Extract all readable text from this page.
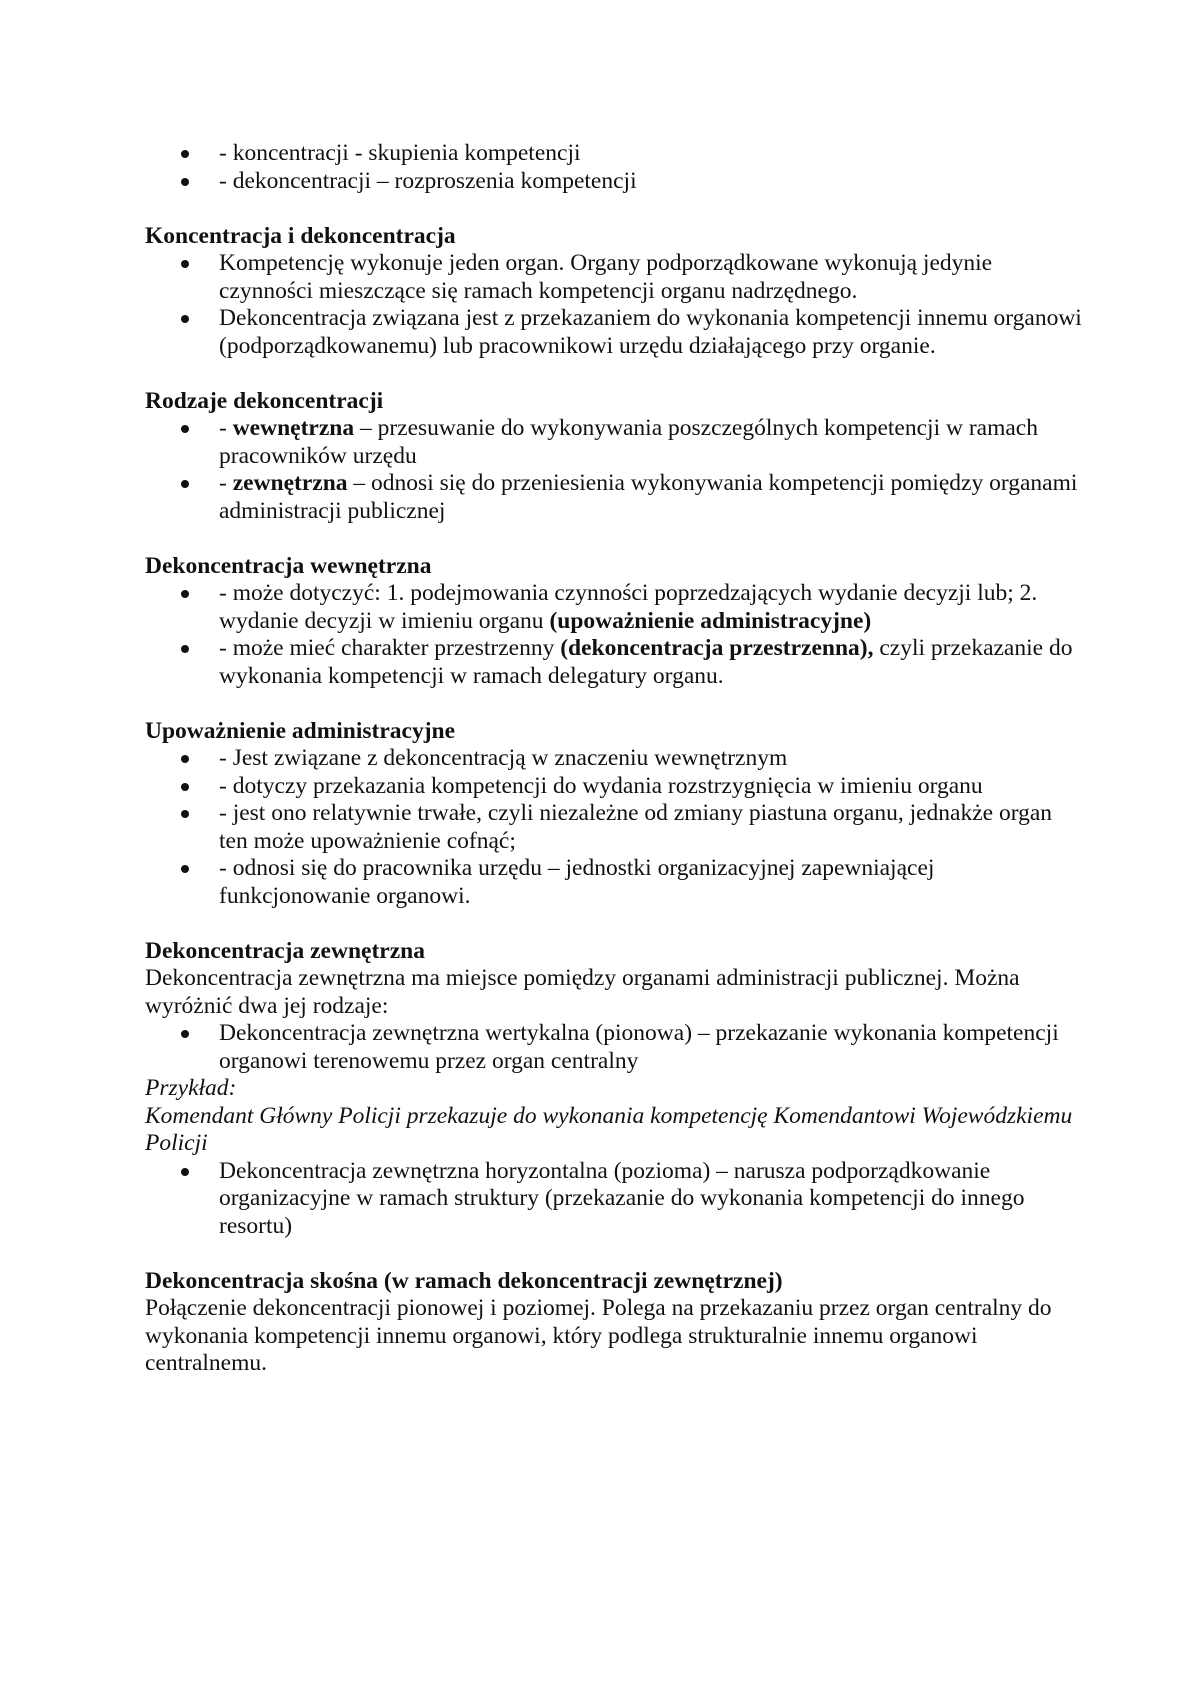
- koncentracji - skupienia kompetencji
- dekoncentracji – rozproszenia kompetencji
Koncentracja i dekoncentracja
Kompetencję wykonuje jeden organ. Organy podporządkowane wykonują jedynie czynności mieszczące się ramach kompetencji organu nadrzędnego.
Dekoncentracja związana jest z przekazaniem do wykonania kompetencji innemu organowi (podporządkowanemu) lub pracownikowi urzędu działającego przy organie.
Rodzaje dekoncentracji
- wewnętrzna – przesuwanie do wykonywania poszczególnych kompetencji w ramach pracowników urzędu
- zewnętrzna – odnosi się do przeniesienia wykonywania kompetencji pomiędzy organami administracji publicznej
Dekoncentracja wewnętrzna
- może dotyczyć: 1. podejmowania czynności poprzedzających wydanie decyzji lub; 2. wydanie decyzji w imieniu organu (upoważnienie administracyjne)
- może mieć charakter przestrzenny (dekoncentracja przestrzenna), czyli przekazanie do wykonania kompetencji w ramach delegatury organu.
Upoważnienie administracyjne
- Jest związane z dekoncentracją w znaczeniu wewnętrznym
- dotyczy przekazania kompetencji do wydania rozstrzygnięcia w imieniu organu
- jest ono relatywnie trwałe, czyli niezależne od zmiany piastuna organu, jednakże organ ten może upoważnienie cofnąć;
- odnosi się do pracownika urzędu – jednostki organizacyjnej zapewniającej funkcjonowanie organowi.
Dekoncentracja zewnętrzna

Dekoncentracja zewnętrzna ma miejsce pomiędzy organami administracji publicznej. Można wyróżnić dwa jej rodzaje:

Dekoncentracja zewnętrzna wertykalna (pionowa) – przekazanie wykonania kompetencji organowi terenowemu przez organ centralny

Przykład:

Komendant Główny Policji przekazuje do wykonania kompetencję Komendantowi Wojewódzkiemu Policji

Dekoncentracja zewnętrzna horyzontalna (pozioma) – narusza podporządkowanie organizacyjne w ramach struktury (przekazanie do wykonania kompetencji do innego resortu)
Dekoncentracja skośna (w ramach dekoncentracji zewnętrznej)

Połączenie dekoncentracji pionowej i poziomej. Polega na przekazaniu przez organ centralny do wykonania kompetencji innemu organowi, który podlega strukturalnie innemu organowi centralnemu.
